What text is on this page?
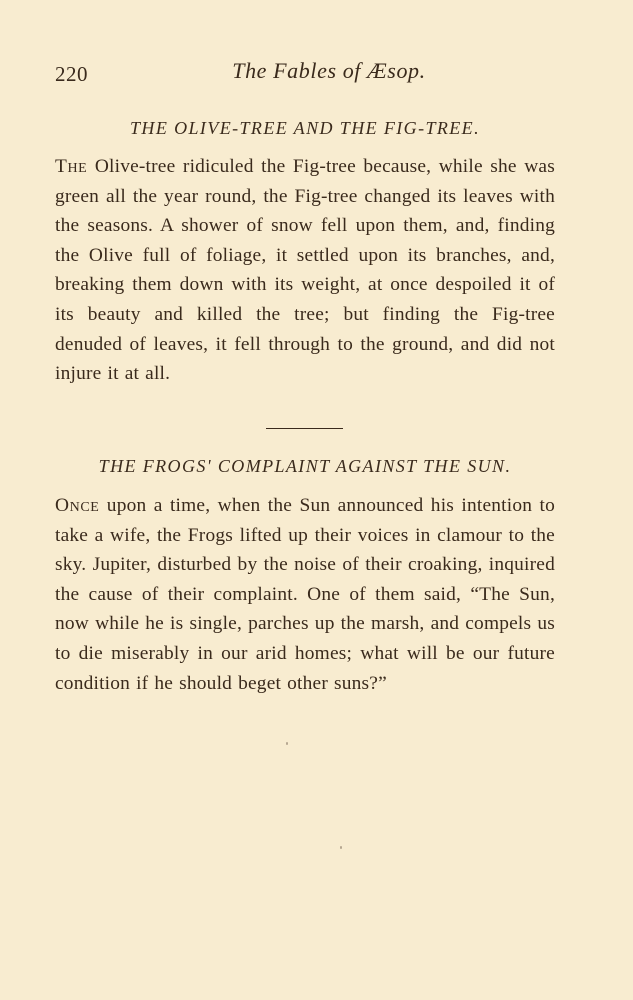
220	The Fables of Æsop.
THE OLIVE-TREE AND THE FIG-TREE.

The Olive-tree ridiculed the Fig-tree because, while she was green all the year round, the Fig-tree changed its leaves with the seasons. A shower of snow fell upon them, and, finding the Olive full of foliage, it settled upon its branches, and, breaking them down with its weight, at once despoiled it of its beauty and killed the tree; but finding the Fig-tree denuded of leaves, it fell through to the ground, and did not injure it at all.

THE FROGS' COMPLAINT AGAINST THE SUN.

Once upon a time, when the Sun announced his intention to take a wife, the Frogs lifted up their voices in clamour to the sky. Jupiter, disturbed by the noise of their croaking, inquired the cause of their complaint. One of them said, “The Sun, now while he is single, parches up the marsh, and compels us to die miserably in our arid homes; what will be our future condition if he should beget other suns?”
